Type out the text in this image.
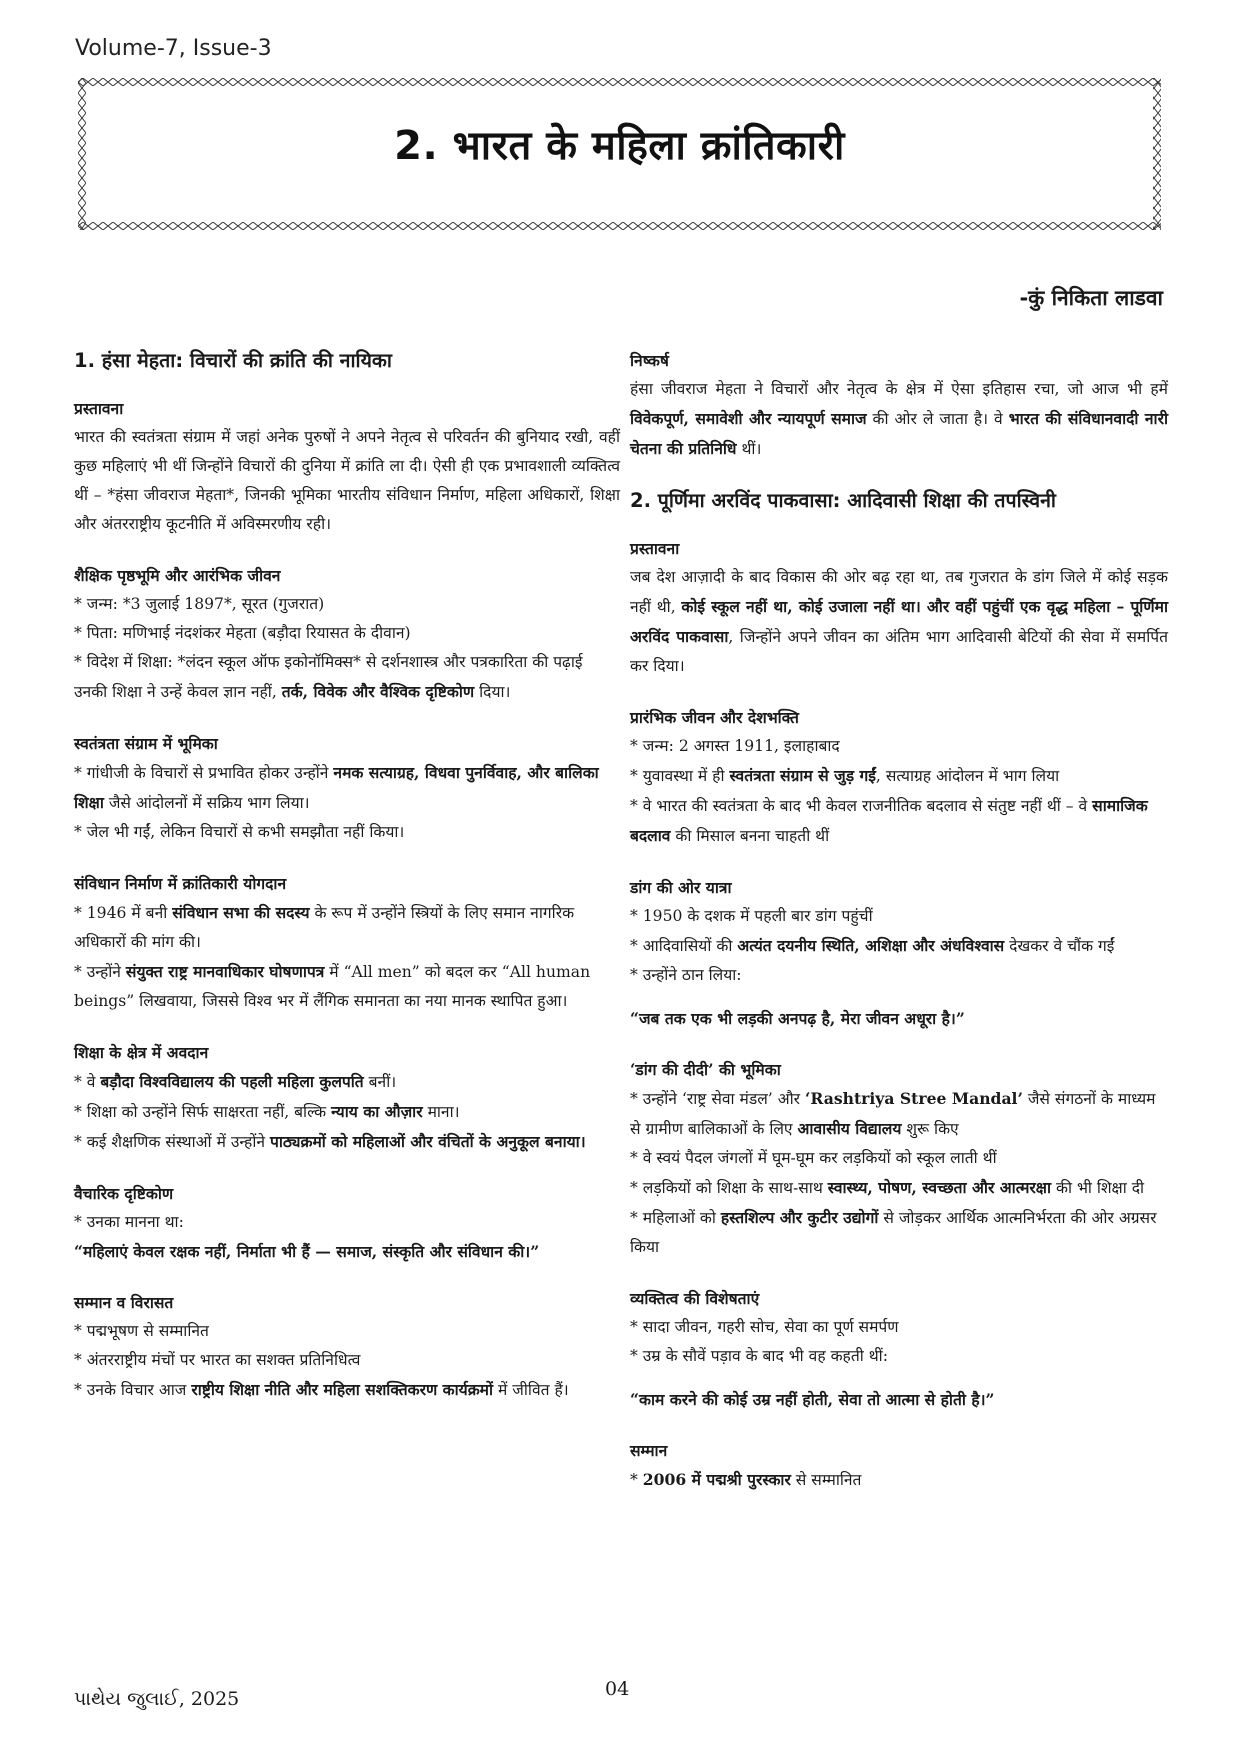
Volume-7, Issue-3
2. भारत के महिला क्रांतिकारी
-कुं निकिता लाडवा
1. हंसा मेहता: विचारों की क्रांति की नायिका

प्रस्तावना

भारत की स्वतंत्रता संग्राम में जहां अनेक पुरुषों ने अपने नेतृत्व से परिवर्तन की बुनियाद रखी, वहीं कुछ महिलाएं भी थीं जिन्होंने विचारों की दुनिया में क्रांति ला दी। ऐसी ही एक प्रभावशाली व्यक्तित्व थीं – *हंसा जीवराज मेहता*, जिनकी भूमिका भारतीय संविधान निर्माण, महिला अधिकारों, शिक्षा और अंतरराष्ट्रीय कूटनीति में अविस्मरणीय रही।

शैक्षिक पृष्ठभूमि और आरंभिक जीवन

* जन्म: *3 जुलाई 1897*, सूरत (गुजरात)

* पिता: मणिभाई नंदशंकर मेहता (बड़ौदा रियासत के दीवान)

* विदेश में शिक्षा: *लंदन स्कूल ऑफ इकोनॉमिक्स* से दर्शनशास्त्र और पत्रकारिता की पढ़ाई

उनकी शिक्षा ने उन्हें केवल ज्ञान नहीं, तर्क, विवेक और वैश्विक दृष्टिकोण दिया।

स्वतंत्रता संग्राम में भूमिका

* गांधीजी के विचारों से प्रभावित होकर उन्होंने नमक सत्याग्रह, विधवा पुनर्विवाह, और बालिका शिक्षा जैसे आंदोलनों में सक्रिय भाग लिया।

* जेल भी गईं, लेकिन विचारों से कभी समझौता नहीं किया।

संविधान निर्माण में क्रांतिकारी योगदान

* 1946 में बनी संविधान सभा की सदस्य के रूप में उन्होंने स्त्रियों के लिए समान नागरिक अधिकारों की मांग की।

* उन्होंने संयुक्त राष्ट्र मानवाधिकार घोषणापत्र में “All men” को बदल कर “All human beings” लिखवाया, जिससे विश्व भर में लैंगिक समानता का नया मानक स्थापित हुआ।

शिक्षा के क्षेत्र में अवदान

* वे बड़ौदा विश्वविद्यालय की पहली महिला कुलपति बनीं।

* शिक्षा को उन्होंने सिर्फ साक्षरता नहीं, बल्कि न्याय का औज़ार माना।

* कई शैक्षणिक संस्थाओं में उन्होंने पाठ्यक्रमों को महिलाओं और वंचितों के अनुकूल बनाया।

वैचारिक दृष्टिकोण

* उनका मानना था:

“महिलाएं केवल रक्षक नहीं, निर्माता भी हैं — समाज, संस्कृति और संविधान की।”

सम्मान व विरासत

* पद्मभूषण से सम्मानित

* अंतरराष्ट्रीय मंचों पर भारत का सशक्त प्रतिनिधित्व

* उनके विचार आज राष्ट्रीय शिक्षा नीति और महिला सशक्तिकरण कार्यक्रमों में जीवित हैं।

निष्कर्ष

हंसा जीवराज मेहता ने विचारों और नेतृत्व के क्षेत्र में ऐसा इतिहास रचा, जो आज भी हमें विवेकपूर्ण, समावेशी और न्यायपूर्ण समाज की ओर ले जाता है। वे भारत की संविधानवादी नारी चेतना की प्रतिनिधि थीं।

2. पूर्णिमा अरविंद पाकवासा: आदिवासी शिक्षा की तपस्विनी

प्रस्तावना

जब देश आज़ादी के बाद विकास की ओर बढ़ रहा था, तब गुजरात के डांग जिले में कोई सड़क नहीं थी, कोई स्कूल नहीं था, कोई उजाला नहीं था। और वहीं पहुंचीं एक वृद्ध महिला – पूर्णिमा अरविंद पाकवासा, जिन्होंने अपने जीवन का अंतिम भाग आदिवासी बेटियों की सेवा में समर्पित कर दिया।

प्रारंभिक जीवन और देशभक्ति

* जन्म: 2 अगस्त 1911, इलाहाबाद

* युवावस्था में ही स्वतंत्रता संग्राम से जुड़ गईं, सत्याग्रह आंदोलन में भाग लिया

* वे भारत की स्वतंत्रता के बाद भी केवल राजनीतिक बदलाव से संतुष्ट नहीं थीं – वे सामाजिक बदलाव की मिसाल बनना चाहती थीं

डांग की ओर यात्रा

* 1950 के दशक में पहली बार डांग पहुंचीं

* आदिवासियों की अत्यंत दयनीय स्थिति, अशिक्षा और अंधविश्वास देखकर वे चौंक गईं

* उन्होंने ठान लिया:

“जब तक एक भी लड़की अनपढ़ है, मेरा जीवन अधूरा है।”

‘डांग की दीदी’ की भूमिका

* उन्होंने ‘राष्ट्र सेवा मंडल’ और ‘Rashtriya Stree Mandal’ जैसे संगठनों के माध्यम से ग्रामीण बालिकाओं के लिए आवासीय विद्यालय शुरू किए

* वे स्वयं पैदल जंगलों में घूम-घूम कर लड़कियों को स्कूल लाती थीं

* लड़कियों को शिक्षा के साथ-साथ स्वास्थ्य, पोषण, स्वच्छता और आत्मरक्षा की भी शिक्षा दी

* महिलाओं को हस्तशिल्प और कुटीर उद्योगों से जोड़कर आर्थिक आत्मनिर्भरता की ओर अग्रसर किया

व्यक्तित्व की विशेषताएं

* सादा जीवन, गहरी सोच, सेवा का पूर्ण समर्पण

* उम्र के सौवें पड़ाव के बाद भी वह कहती थीं:

“काम करने की कोई उम्र नहीं होती, सेवा तो आत्मा से होती है।”

सम्मान

* 2006 में पद्मश्री पुरस्कार से सम्मानित

પાથેય જુલાઈ, 2025	04
